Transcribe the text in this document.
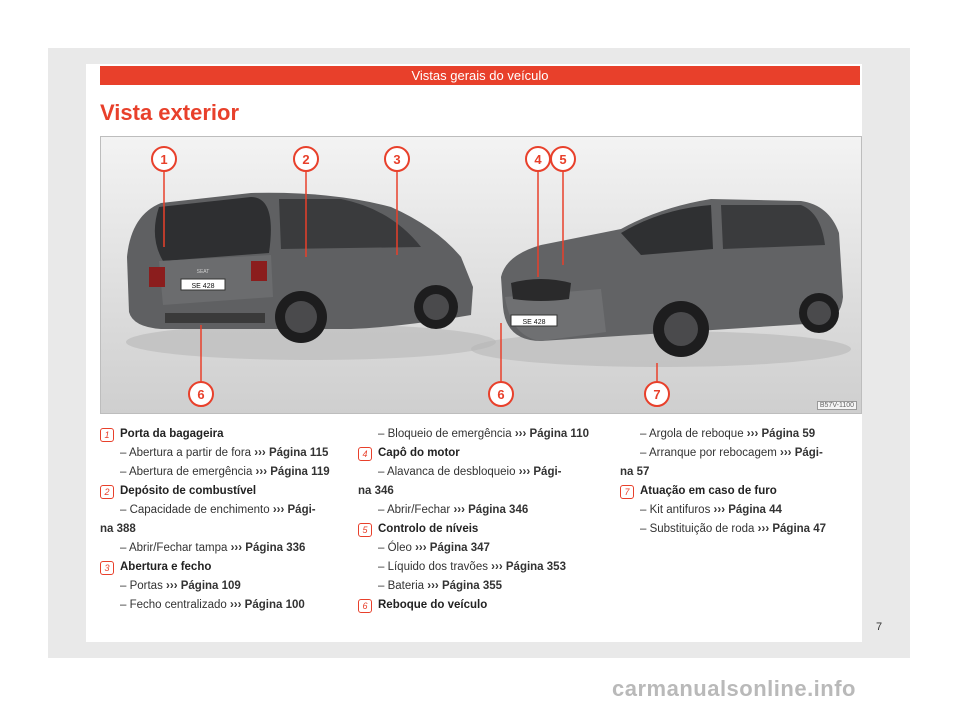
Vistas gerais do veículo
Vista exterior
SE 428
SEAT
SE 428
1	2	3	4 5
6	6	7
B57V-1100
1 Porta da bagageira
– Abertura a partir de fora ››› Página 115
– Abertura de emergência ››› Página 119
2 Depósito de combustível
– Capacidade de enchimento ››› Pági-
na 388
– Abrir/Fechar tampa ››› Página 336
3 Abertura e fecho
– Portas ››› Página 109
– Fecho centralizado ››› Página 100
– Bloqueio de emergência ››› Página 110
4 Capô do motor
– Alavanca de desbloqueio ››› Pági-
na 346
– Abrir/Fechar ››› Página 346
5 Controlo de níveis
– Óleo ››› Página 347
– Líquido dos travões ››› Página 353
– Bateria ››› Página 355
6 Reboque do veículo
– Argola de reboque ››› Página 59
– Arranque por rebocagem ››› Pági-
na 57
7 Atuação em caso de furo
– Kit antifuros ››› Página 44
– Substituição de roda ››› Página 47
7
carmanualsonline.info
